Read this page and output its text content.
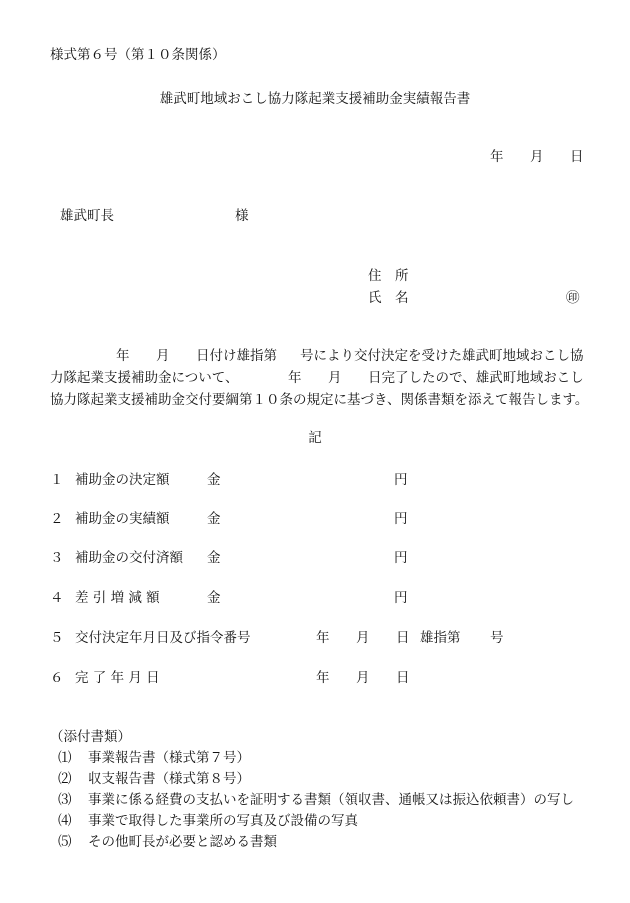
様式第６号（第１０条関係）
雄武町地域おこし協力隊起業支援補助金実績報告書
年 月 日
雄武町長	様
住　所
氏　名	㊞
年 月 日付け雄指第 号により交付決定を受けた雄武町地域おこし協
力隊起業支援補助金について、	年 月 日完了したので、雄武町地域おこし
協力隊起業支援補助金交付要綱第１０条の規定に基づき、関係書類を添えて報告します。
記
１ 補助金の決定額	金	円
２ 補助金の実績額	金	円
３ 補助金の交付済額 金	円
４ 差 引 増 減 額	金	円
５ 交付決定年月日及び指令番号	年 月 日 雄指第 号
６ 完 了 年 月 日	年 月 日
（添付書類）
⑴ 事業報告書（様式第７号）
⑵ 収支報告書（様式第８号）
⑶ 事業に係る経費の支払いを証明する書類（領収書、通帳又は振込依頼書）の写し
⑷ 事業で取得した事業所の写真及び設備の写真
⑸ その他町長が必要と認める書類
